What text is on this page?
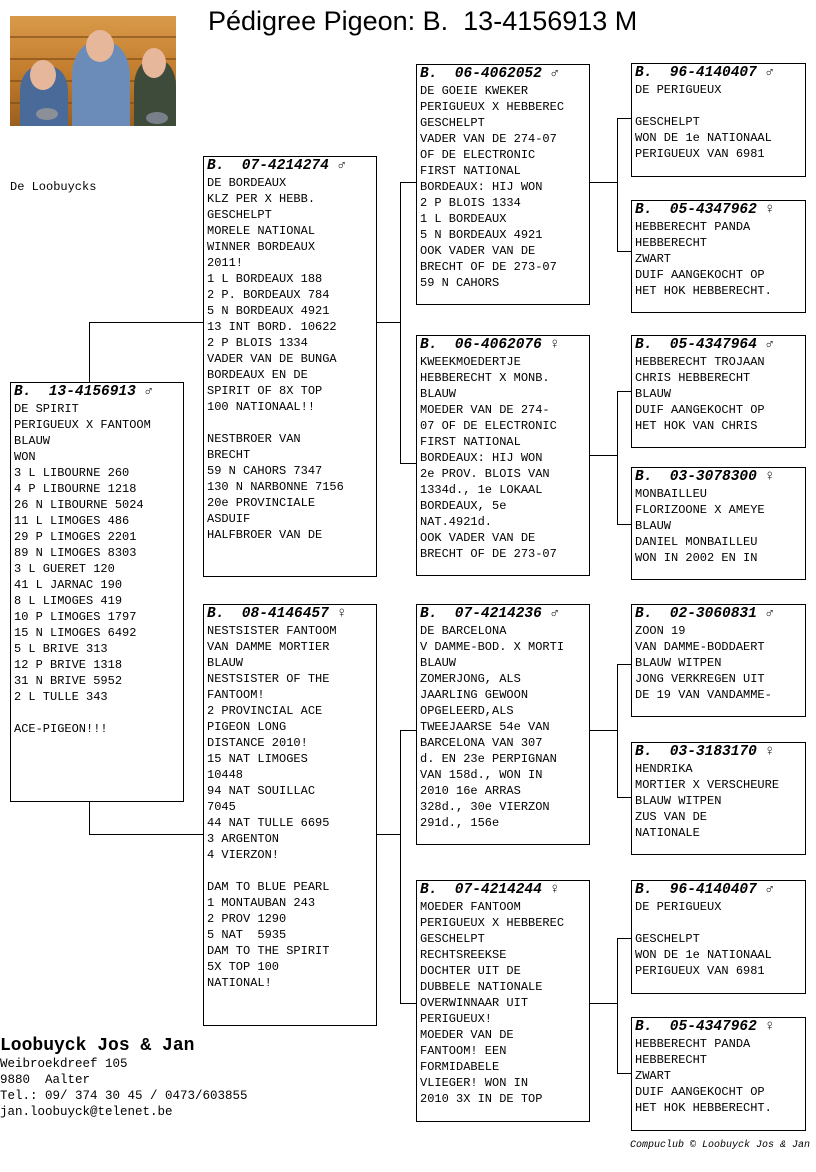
Pédigree Pigeon: B.  13-4156913 M
De Loobuycks
B.  13-4156913 ♂
DE SPIRIT
PERIGUEUX X FANTOOM
BLAUW
WON
3 L LIBOURNE 260
4 P LIBOURNE 1218
26 N LIBOURNE 5024
11 L LIMOGES 486
29 P LIMOGES 2201
89 N LIMOGES 8303
3 L GUERET 120
41 L JARNAC 190
8 L LIMOGES 419
10 P LIMOGES 1797
15 N LIMOGES 6492
5 L BRIVE 313
12 P BRIVE 1318
31 N BRIVE 5952
2 L TULLE 343

ACE-PIGEON!!!
B.  07-4214274 ♂
DE BORDEAUX
KLZ PER X HEBB.
GESCHELPT
MORELE NATIONAL
WINNER BORDEAUX
2011!
1 L BORDEAUX 188
2 P. BORDEAUX 784
5 N BORDEAUX 4921
13 INT BORD. 10622
2 P BLOIS 1334
VADER VAN DE BUNGA
BORDEAUX EN DE
SPIRIT OF 8X TOP
100 NATIONAAL!!

NESTBROER VAN
BRECHT
59 N CAHORS 7347
130 N NARBONNE 7156
20e PROVINCIALE
ASDUIF
HALFBROER VAN DE
B.  08-4146457 ♀
NESTSISTER FANTOOM
VAN DAMME MORTIER
BLAUW
NESTSISTER OF THE
FANTOOM!
2 PROVINCIAL ACE
PIGEON LONG
DISTANCE 2010!
15 NAT LIMOGES
10448
94 NAT SOUILLAC
7045
44 NAT TULLE 6695
3 ARGENTON
4 VIERZON!

DAM TO BLUE PEARL
1 MONTAUBAN 243
2 PROV 1290
5 NAT  5935
DAM TO THE SPIRIT
5X TOP 100
NATIONAL!
B.  06-4062052 ♂
DE GOEIE KWEKER
PERIGUEUX X HEBBEREC
GESCHELPT
VADER VAN DE 274-07
OF DE ELECTRONIC
FIRST NATIONAL
BORDEAUX: HIJ WON
2 P BLOIS 1334
1 L BORDEAUX
5 N BORDEAUX 4921
OOK VADER VAN DE
BRECHT OF DE 273-07
59 N CAHORS
B.  06-4062076 ♀
KWEEKMOEDERTJE
HEBBERECHT X MONB.
BLAUW
MOEDER VAN DE 274-
07 OF DE ELECTRONIC
FIRST NATIONAL
BORDEAUX: HIJ WON
2e PROV. BLOIS VAN
1334d., 1e LOKAAL
BORDEAUX, 5e
NAT.4921d.
OOK VADER VAN DE
BRECHT OF DE 273-07
B.  07-4214236 ♂
DE BARCELONA
V DAMME-BOD. X MORTI
BLAUW
ZOMERJONG, ALS
JAARLING GEWOON
OPGELEERD,ALS
TWEEJAARSE 54e VAN
BARCELONA VAN 307
d. EN 23e PERPIGNAN
VAN 158d., WON IN
2010 16e ARRAS
328d., 30e VIERZON
291d., 156e
B.  07-4214244 ♀
MOEDER FANTOOM
PERIGUEUX X HEBBEREC
GESCHELPT
RECHTSREEKSE
DOCHTER UIT DE
DUBBELE NATIONALE
OVERWINNAAR UIT
PERIGUEUX!
MOEDER VAN DE
FANTOOM! EEN
FORMIDABELE
VLIEGER! WON IN
2010 3X IN DE TOP
B.  96-4140407 ♂
DE PERIGUEUX

GESCHELPT
WON DE 1e NATIONAAL
PERIGUEUX VAN 6981
B.  05-4347962 ♀
HEBBERECHT PANDA
HEBBERECHT
ZWART
DUIF AANGEKOCHT OP
HET HOK HEBBERECHT.
B.  05-4347964 ♂
HEBBERECHT TROJAAN
CHRIS HEBBERECHT
BLAUW
DUIF AANGEKOCHT OP
HET HOK VAN CHRIS
B.  03-3078300 ♀
MONBAILLEU
FLORIZOONE X AMEYE
BLAUW
DANIEL MONBAILLEU
WON IN 2002 EN IN
B.  02-3060831 ♂
ZOON 19
VAN DAMME-BODDAERT
BLAUW WITPEN
JONG VERKREGEN UIT
DE 19 VAN VANDAMME-
B.  03-3183170 ♀
HENDRIKA
MORTIER X VERSCHEURE
BLAUW WITPEN
ZUS VAN DE
NATIONALE
B.  96-4140407 ♂
DE PERIGUEUX

GESCHELPT
WON DE 1e NATIONAAL
PERIGUEUX VAN 6981
B.  05-4347962 ♀
HEBBERECHT PANDA
HEBBERECHT
ZWART
DUIF AANGEKOCHT OP
HET HOK HEBBERECHT.
Loobuyck Jos & Jan
Weibroekdreef 105
9880  Aalter
Tel.: 09/ 374 30 45 / 0473/603855
jan.loobuyck@telenet.be
Compuclub © Loobuyck Jos & Jan
